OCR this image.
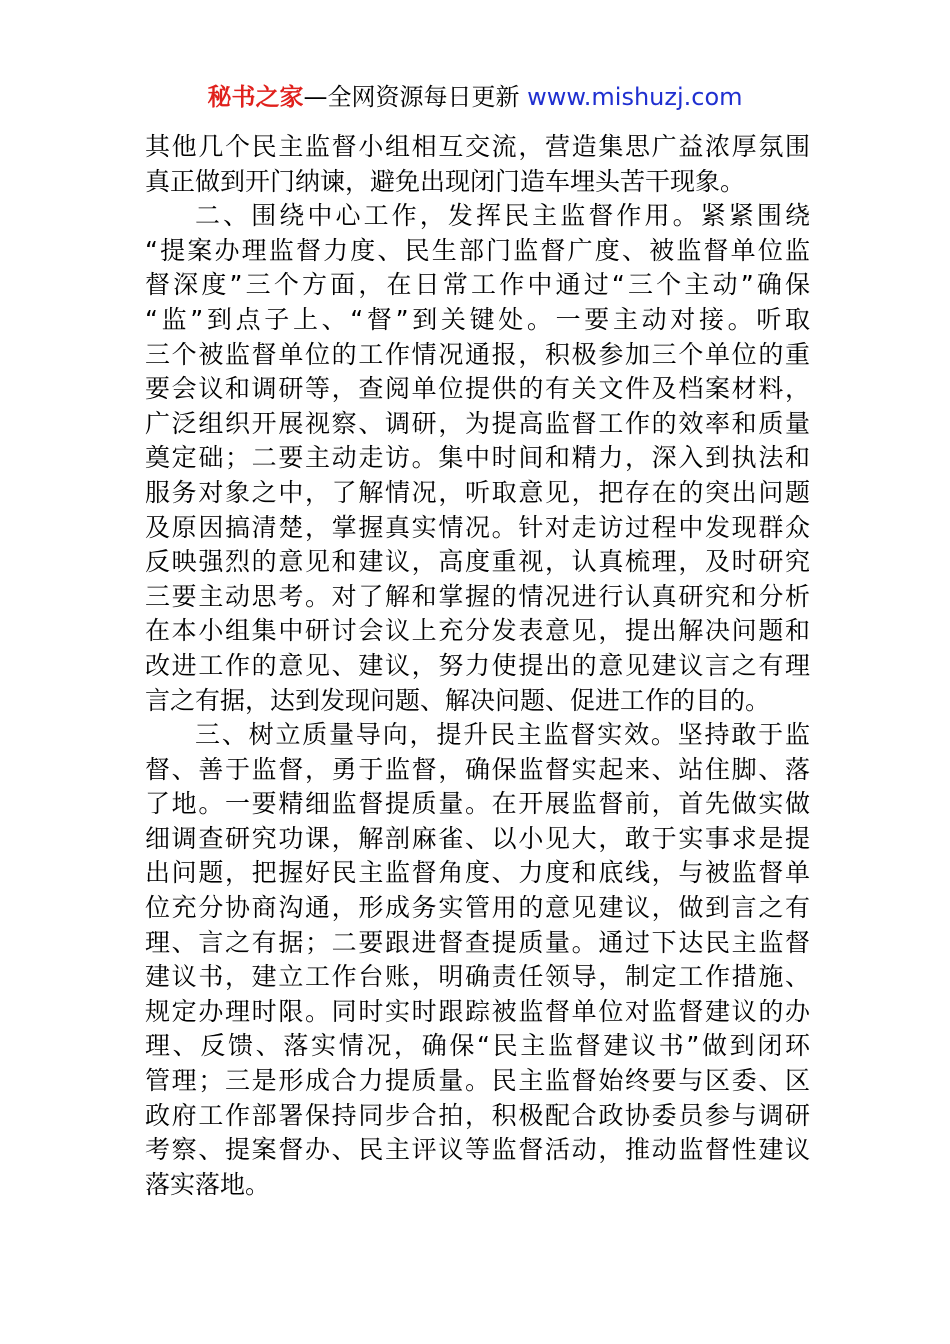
秘书之家—全网资源每日更新 www.mishuzj.com
其他几个民主监督小组相互交流，营造集思广益浓厚氛围
真正做到开门纳谏，避免出现闭门造车埋头苦干现象。
二、围绕中心工作，发挥民主监督作用。紧紧围绕
“提案办理监督力度、民生部门监督广度、被监督单位监
督深度”三个方面，在日常工作中通过“三个主动”确保
“监”到点子上、“督”到关键处。一要主动对接。听取
三个被监督单位的工作情况通报，积极参加三个单位的重
要会议和调研等，查阅单位提供的有关文件及档案材料，
广泛组织开展视察、调研，为提高监督工作的效率和质量
奠定础；二要主动走访。集中时间和精力，深入到执法和
服务对象之中，了解情况，听取意见，把存在的突出问题
及原因搞清楚，掌握真实情况。针对走访过程中发现群众
反映强烈的意见和建议，高度重视，认真梳理，及时研究
三要主动思考。对了解和掌握的情况进行认真研究和分析
在本小组集中研讨会议上充分发表意见，提出解决问题和
改进工作的意见、建议，努力使提出的意见建议言之有理
言之有据，达到发现问题、解决问题、促进工作的目的。
三、树立质量导向，提升民主监督实效。坚持敢于监
督、善于监督，勇于监督，确保监督实起来、站住脚、落
了地。一要精细监督提质量。在开展监督前，首先做实做
细调查研究功课，解剖麻雀、以小见大，敢于实事求是提
出问题，把握好民主监督角度、力度和底线，与被监督单
位充分协商沟通，形成务实管用的意见建议，做到言之有
理、言之有据；二要跟进督查提质量。通过下达民主监督
建议书，建立工作台账，明确责任领导，制定工作措施、
规定办理时限。同时实时跟踪被监督单位对监督建议的办
理、反馈、落实情况，确保“民主监督建议书”做到闭环
管理；三是形成合力提质量。民主监督始终要与区委、区
政府工作部署保持同步合拍，积极配合政协委员参与调研
考察、提案督办、民主评议等监督活动，推动监督性建议
落实落地。
